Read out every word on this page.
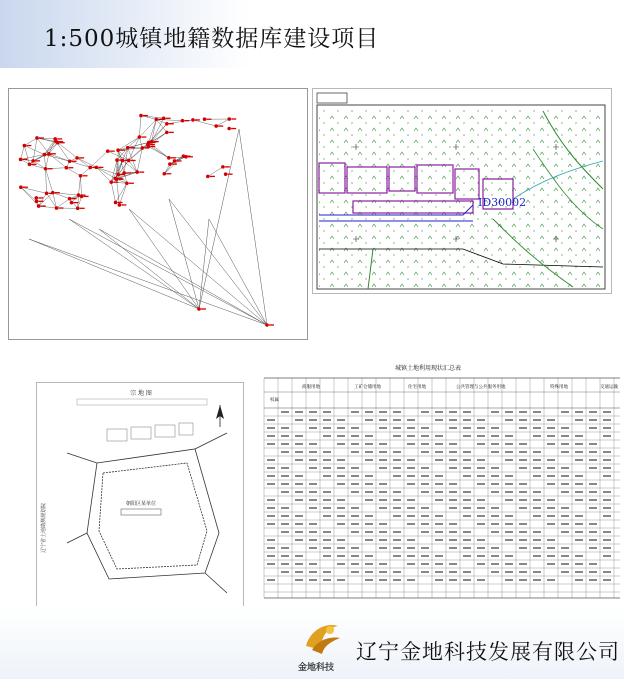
1:500城镇地籍数据库建设项目
ID30002
宗 地 图
辽宁省土地勘测规划院	朝阳区某单位
城镇土地利用现状汇总表
权属
商服用地	工矿仓储用地	住宅用地	公共管理与公共服务用地	特殊用地	交通运输
金地科技

辽宁金地科技发展有限公司
